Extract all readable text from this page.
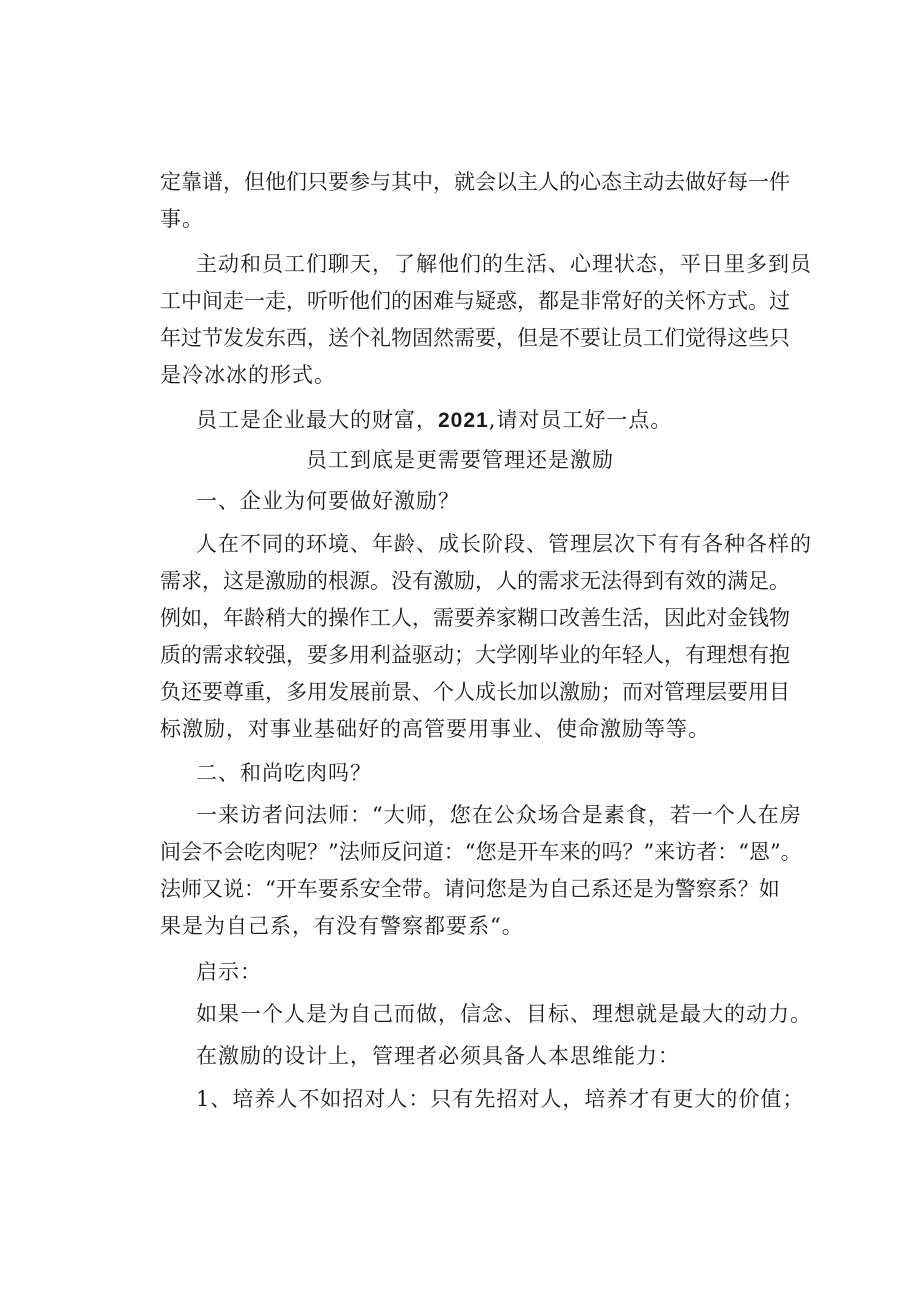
定靠谱，但他们只要参与其中，就会以主人的心态主动去做好每一件
事。
主动和员工们聊天，了解他们的生活、心理状态，平日里多到员
工中间走一走，听听他们的困难与疑惑，都是非常好的关怀方式。过
年过节发发东西，送个礼物固然需要，但是不要让员工们觉得这些只
是冷冰冰的形式。
员工是企业最大的财富，2021,请对员工好一点。
员工到底是更需要管理还是激励
一、企业为何要做好激励？
人在不同的环境、年龄、成长阶段、管理层次下有有各种各样的
需求，这是激励的根源。没有激励，人的需求无法得到有效的满足。
例如，年龄稍大的操作工人，需要养家糊口改善生活，因此对金钱物
质的需求较强，要多用利益驱动；大学刚毕业的年轻人，有理想有抱
负还要尊重，多用发展前景、个人成长加以激励；而对管理层要用目
标激励，对事业基础好的高管要用事业、使命激励等等。
二、和尚吃肉吗？
一来访者问法师：“大师，您在公众场合是素食，若一个人在房
间会不会吃肉呢？”法师反问道：“您是开车来的吗？”来访者：“恩”。
法师又说：“开车要系安全带。请问您是为自己系还是为警察系？如
果是为自己系，有没有警察都要系“。
启示：
如果一个人是为自己而做，信念、目标、理想就是最大的动力。
在激励的设计上，管理者必须具备人本思维能力：
1、培养人不如招对人：只有先招对人，培养才有更大的价值；
